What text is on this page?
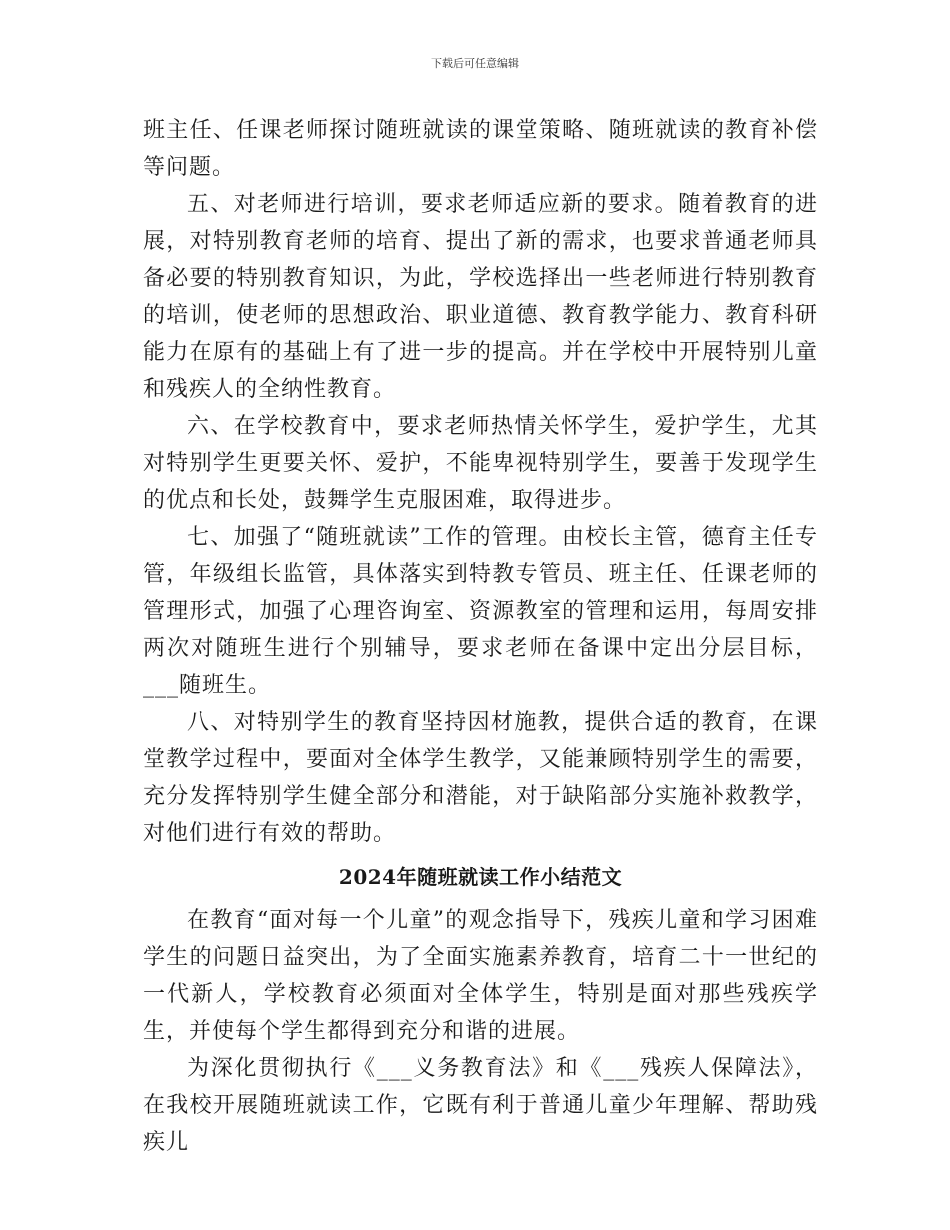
下载后可任意编辑

班主任、任课老师探讨随班就读的课堂策略、随班就读的教育补偿等问题。

五、对老师进行培训，要求老师适应新的要求。随着教育的进展，对特别教育老师的培育、提出了新的需求，也要求普通老师具备必要的特别教育知识，为此，学校选择出一些老师进行特别教育的培训，使老师的思想政治、职业道德、教育教学能力、教育科研能力在原有的基础上有了进一步的提高。并在学校中开展特别儿童和残疾人的全纳性教育。

六、在学校教育中，要求老师热情关怀学生，爱护学生，尤其对特别学生更要关怀、爱护，不能卑视特别学生，要善于发现学生的优点和长处，鼓舞学生克服困难，取得进步。

七、加强了“随班就读”工作的管理。由校长主管，德育主任专管，年级组长监管，具体落实到特教专管员、班主任、任课老师的管理形式，加强了心理咨询室、资源教室的管理和运用，每周安排两次对随班生进行个别辅导，要求老师在备课中定出分层目标，___随班生。

八、对特别学生的教育坚持因材施教，提供合适的教育，在课堂教学过程中，要面对全体学生教学，又能兼顾特别学生的需要，充分发挥特别学生健全部分和潜能，对于缺陷部分实施补救教学，对他们进行有效的帮助。

2024年随班就读工作小结范文

在教育“面对每一个儿童”的观念指导下，残疾儿童和学习困难学生的问题日益突出，为了全面实施素养教育，培育二十一世纪的一代新人，学校教育必须面对全体学生，特别是面对那些残疾学生，并使每个学生都得到充分和谐的进展。

为深化贯彻执行《___义务教育法》和《___残疾人保障法》，在我校开展随班就读工作，它既有利于普通儿童少年理解、帮助残疾儿
